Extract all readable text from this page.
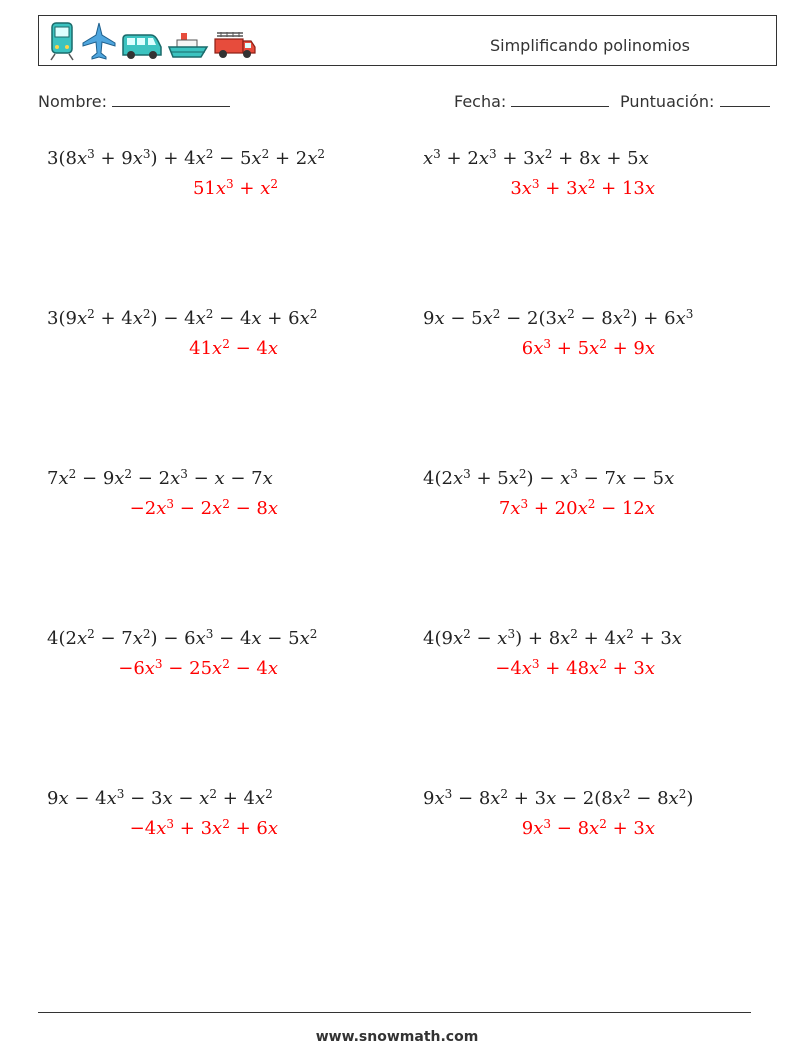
Simplificando polinomios
Nombre:	Fecha:	Puntuación:
$3(8x^3 + 9x^3) + 4x^2 - 5x^2 + 2x^2$
$51x^3 + x^2$
$x^3 + 2x^3 + 3x^2 + 8x + 5x$
$3x^3 + 3x^2 + 13x$
$3(9x^2 + 4x^2) - 4x^2 - 4x + 6x^2$
$41x^2 - 4x$
$9x - 5x^2 - 2(3x^2 - 8x^2) + 6x^3$
$6x^3 + 5x^2 + 9x$
$7x^2 - 9x^2 - 2x^3 - x - 7x$
$-2x^3 - 2x^2 - 8x$
$4(2x^3 + 5x^2) - x^3 - 7x - 5x$
$7x^3 + 20x^2 - 12x$
$4(2x^2 - 7x^2) - 6x^3 - 4x - 5x^2$
$-6x^3 - 25x^2 - 4x$
$4(9x^2 - x^3) + 8x^2 + 4x^2 + 3x$
$-4x^3 + 48x^2 + 3x$
$9x - 4x^3 - 3x - x^2 + 4x^2$
$-4x^3 + 3x^2 + 6x$
$9x^3 - 8x^2 + 3x - 2(8x^2 - 8x^2)$
$9x^3 - 8x^2 + 3x$
www.snowmath.com
